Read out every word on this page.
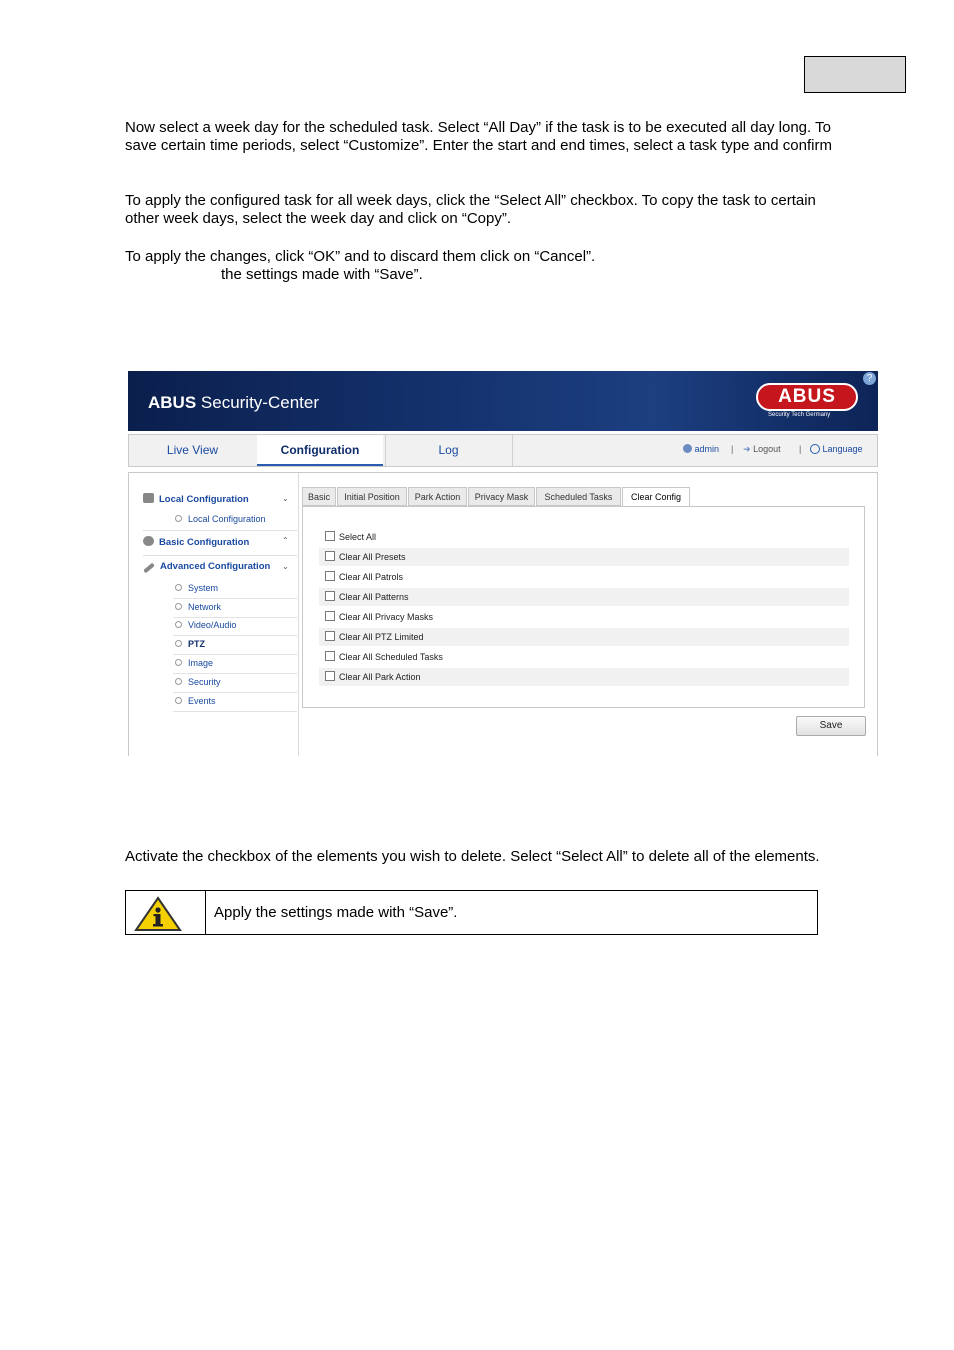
Now select a week day for the scheduled task. Select “All Day” if the task is to be executed all day long. To
save certain time periods, select “Customize”. Enter the start and end times, select a task type and confirm
To apply the configured task for all week days, click the “Select All” checkbox. To copy the task to certain
other week days, select the week day and click on “Copy”.
To apply the changes, click “OK” and to discard them click on “Cancel”.
the settings made with “Save”.
ABUS Security-Center	ABUS
Security Tech Germany
?
Live View	Configuration	Log	admin | ➜ Logout |	Language
Local Configuration	⌄
Local Configuration
Basic Configuration	⌃
Advanced Configuration ⌄
System
Network
Video/Audio
PTZ
Image
Security
Events
Basic	Initial Position	Park Action	Privacy Mask	Scheduled Tasks	Clear Config
Select All
Clear All Presets
Clear All Patrols
Clear All Patterns
Clear All Privacy Masks
Clear All PTZ Limited
Clear All Scheduled Tasks
Clear All Park Action
Save
Activate the checkbox of the elements you wish to delete. Select “Select All” to delete all of the elements.
Apply the settings made with “Save”.
